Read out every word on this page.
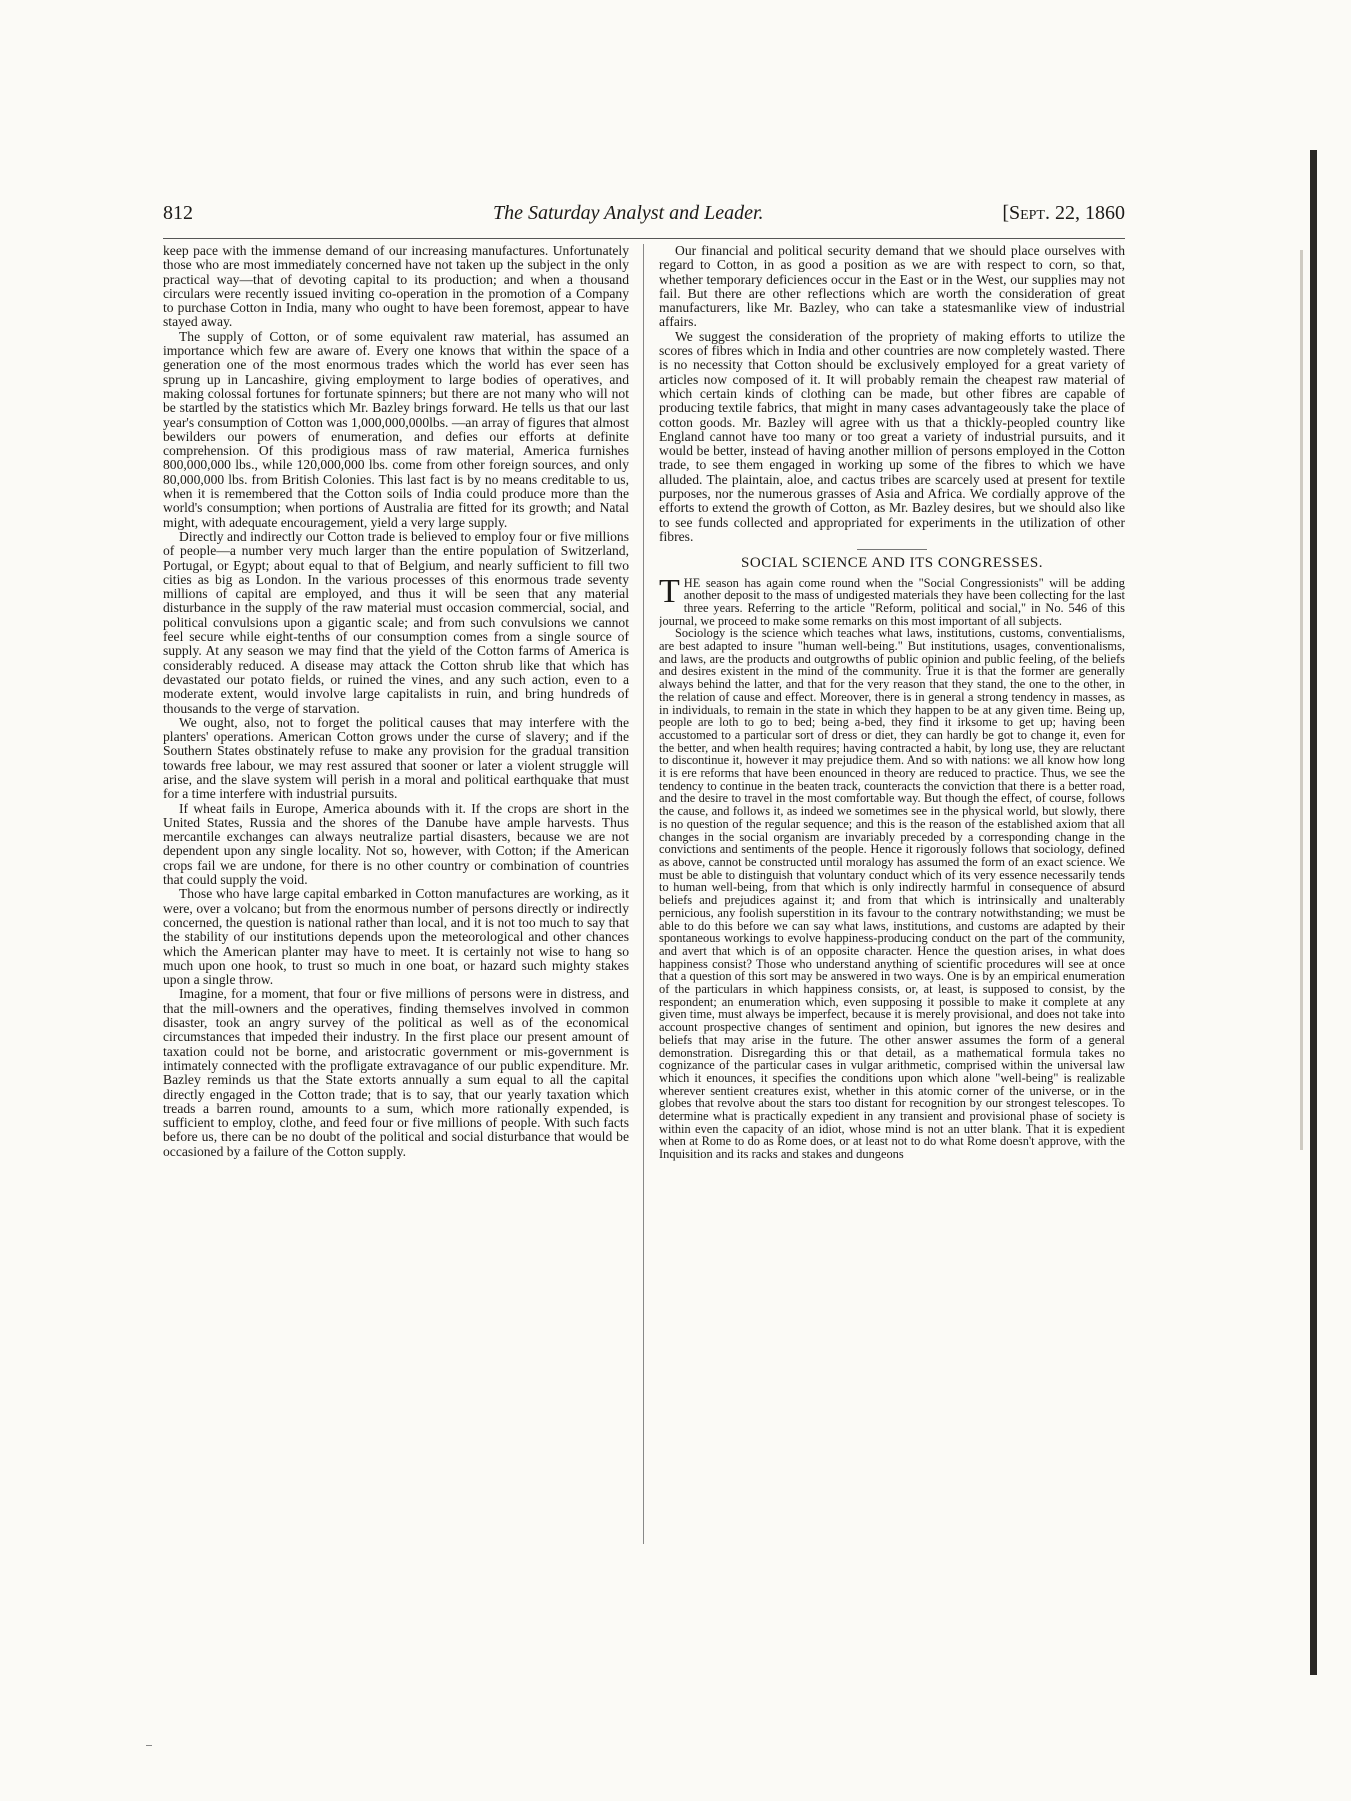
812	The Saturday Analyst and Leader.	[Sept. 22, 1860

keep pace with the immense demand of our increasing manufactures. Unfortunately those who are most immediately concerned have not taken up the subject in the only practical way—that of devoting capital to its production; and when a thousand circulars were recently issued inviting co-operation in the promotion of a Company to purchase Cotton in India, many who ought to have been foremost, appear to have stayed away.

The supply of Cotton, or of some equivalent raw material, has assumed an importance which few are aware of. Every one knows that within the space of a generation one of the most enormous trades which the world has ever seen has sprung up in Lancashire, giving employment to large bodies of operatives, and making colossal fortunes for fortunate spinners; but there are not many who will not be startled by the statistics which Mr. Bazley brings forward. He tells us that our last year's consumption of Cotton was 1,000,000,000lbs. —an array of figures that almost bewilders our powers of enumeration, and defies our efforts at definite comprehension. Of this prodigious mass of raw material, America furnishes 800,000,000 lbs., while 120,000,000 lbs. come from other foreign sources, and only 80,000,000 lbs. from British Colonies. This last fact is by no means creditable to us, when it is remembered that the Cotton soils of India could produce more than the world's consumption; when portions of Australia are fitted for its growth; and Natal might, with adequate encouragement, yield a very large supply.

Directly and indirectly our Cotton trade is believed to employ four or five millions of people—a number very much larger than the entire population of Switzerland, Portugal, or Egypt; about equal to that of Belgium, and nearly sufficient to fill two cities as big as London. In the various processes of this enormous trade seventy millions of capital are employed, and thus it will be seen that any material disturbance in the supply of the raw material must occasion commercial, social, and political convulsions upon a gigantic scale; and from such convulsions we cannot feel secure while eight-tenths of our consumption comes from a single source of supply. At any season we may find that the yield of the Cotton farms of America is considerably reduced. A disease may attack the Cotton shrub like that which has devastated our potato fields, or ruined the vines, and any such action, even to a moderate extent, would involve large capitalists in ruin, and bring hundreds of thousands to the verge of starvation.

We ought, also, not to forget the political causes that may interfere with the planters' operations. American Cotton grows under the curse of slavery; and if the Southern States obstinately refuse to make any provision for the gradual transition towards free labour, we may rest assured that sooner or later a violent struggle will arise, and the slave system will perish in a moral and political earthquake that must for a time interfere with industrial pursuits.

If wheat fails in Europe, America abounds with it. If the crops are short in the United States, Russia and the shores of the Danube have ample harvests. Thus mercantile exchanges can always neutralize partial disasters, because we are not dependent upon any single locality. Not so, however, with Cotton; if the American crops fail we are undone, for there is no other country or combination of countries that could supply the void.

Those who have large capital embarked in Cotton manufactures are working, as it were, over a volcano; but from the enormous number of persons directly or indirectly concerned, the question is national rather than local, and it is not too much to say that the stability of our institutions depends upon the meteorological and other chances which the American planter may have to meet. It is certainly not wise to hang so much upon one hook, to trust so much in one boat, or hazard such mighty stakes upon a single throw.

Imagine, for a moment, that four or five millions of persons were in distress, and that the mill-owners and the operatives, finding themselves involved in common disaster, took an angry survey of the political as well as of the economical circumstances that impeded their industry. In the first place our present amount of taxation could not be borne, and aristocratic government or mis-government is intimately connected with the profligate extravagance of our public expenditure. Mr. Bazley reminds us that the State extorts annually a sum equal to all the capital directly engaged in the Cotton trade; that is to say, that our yearly taxation which treads a barren round, amounts to a sum, which more rationally expended, is sufficient to employ, clothe, and feed four or five millions of people. With such facts before us, there can be no doubt of the political and social disturbance that would be occasioned by a failure of the Cotton supply.

Our financial and political security demand that we should place ourselves with regard to Cotton, in as good a position as we are with respect to corn, so that, whether temporary deficiences occur in the East or in the West, our supplies may not fail. But there are other reflections which are worth the consideration of great manufacturers, like Mr. Bazley, who can take a statesmanlike view of industrial affairs.

We suggest the consideration of the propriety of making efforts to utilize the scores of fibres which in India and other countries are now completely wasted. There is no necessity that Cotton should be exclusively employed for a great variety of articles now composed of it. It will probably remain the cheapest raw material of which certain kinds of clothing can be made, but other fibres are capable of producing textile fabrics, that might in many cases advantageously take the place of cotton goods. Mr. Bazley will agree with us that a thickly-peopled country like England cannot have too many or too great a variety of industrial pursuits, and it would be better, instead of having another million of persons employed in the Cotton trade, to see them engaged in working up some of the fibres to which we have alluded. The plaintain, aloe, and cactus tribes are scarcely used at present for textile purposes, nor the numerous grasses of Asia and Africa. We cordially approve of the efforts to extend the growth of Cotton, as Mr. Bazley desires, but we should also like to see funds collected and appropriated for experiments in the utilization of other fibres.

SOCIAL SCIENCE AND ITS CONGRESSES.

THE season has again come round when the "Social Congressionists" will be adding another deposit to the mass of undigested materials they have been collecting for the last three years. Referring to the article "Reform, political and social," in No. 546 of this journal, we proceed to make some remarks on this most important of all subjects.

Sociology is the science which teaches what laws, institutions, customs, conventialisms, are best adapted to insure "human well-being." But institutions, usages, conventionalisms, and laws, are the products and outgrowths of public opinion and public feeling, of the beliefs and desires existent in the mind of the community. True it is that the former are generally always behind the latter, and that for the very reason that they stand, the one to the other, in the relation of cause and effect. Moreover, there is in general a strong tendency in masses, as in individuals, to remain in the state in which they happen to be at any given time. Being up, people are loth to go to bed; being a-bed, they find it irksome to get up; having been accustomed to a particular sort of dress or diet, they can hardly be got to change it, even for the better, and when health requires; having contracted a habit, by long use, they are reluctant to discontinue it, however it may prejudice them. And so with nations: we all know how long it is ere reforms that have been enounced in theory are reduced to practice. Thus, we see the tendency to continue in the beaten track, counteracts the conviction that there is a better road, and the desire to travel in the most comfortable way. But though the effect, of course, follows the cause, and follows it, as indeed we sometimes see in the physical world, but slowly, there is no question of the regular sequence; and this is the reason of the established axiom that all changes in the social organism are invariably preceded by a corresponding change in the convictions and sentiments of the people. Hence it rigorously follows that sociology, defined as above, cannot be constructed until moralogy has assumed the form of an exact science. We must be able to distinguish that voluntary conduct which of its very essence necessarily tends to human well-being, from that which is only indirectly harmful in consequence of absurd beliefs and prejudices against it; and from that which is intrinsically and unalterably pernicious, any foolish superstition in its favour to the contrary notwithstanding; we must be able to do this before we can say what laws, institutions, and customs are adapted by their spontaneous workings to evolve happiness-producing conduct on the part of the community, and avert that which is of an opposite character. Hence the question arises, in what does happiness consist? Those who understand anything of scientific procedures will see at once that a question of this sort may be answered in two ways. One is by an empirical enumeration of the particulars in which happiness consists, or, at least, is supposed to consist, by the respondent; an enumeration which, even supposing it possible to make it complete at any given time, must always be imperfect, because it is merely provisional, and does not take into account prospective changes of sentiment and opinion, but ignores the new desires and beliefs that may arise in the future. The other answer assumes the form of a general demonstration. Disregarding this or that detail, as a mathematical formula takes no cognizance of the particular cases in vulgar arithmetic, comprised within the universal law which it enounces, it specifies the conditions upon which alone "well-being" is realizable wherever sentient creatures exist, whether in this atomic corner of the universe, or in the globes that revolve about the stars too distant for recognition by our strongest telescopes. To determine what is practically expedient in any transient and provisional phase of society is within even the capacity of an idiot, whose mind is not an utter blank. That it is expedient when at Rome to do as Rome does, or at least not to do what Rome doesn't approve, with the Inquisition and its racks and stakes and dungeons
